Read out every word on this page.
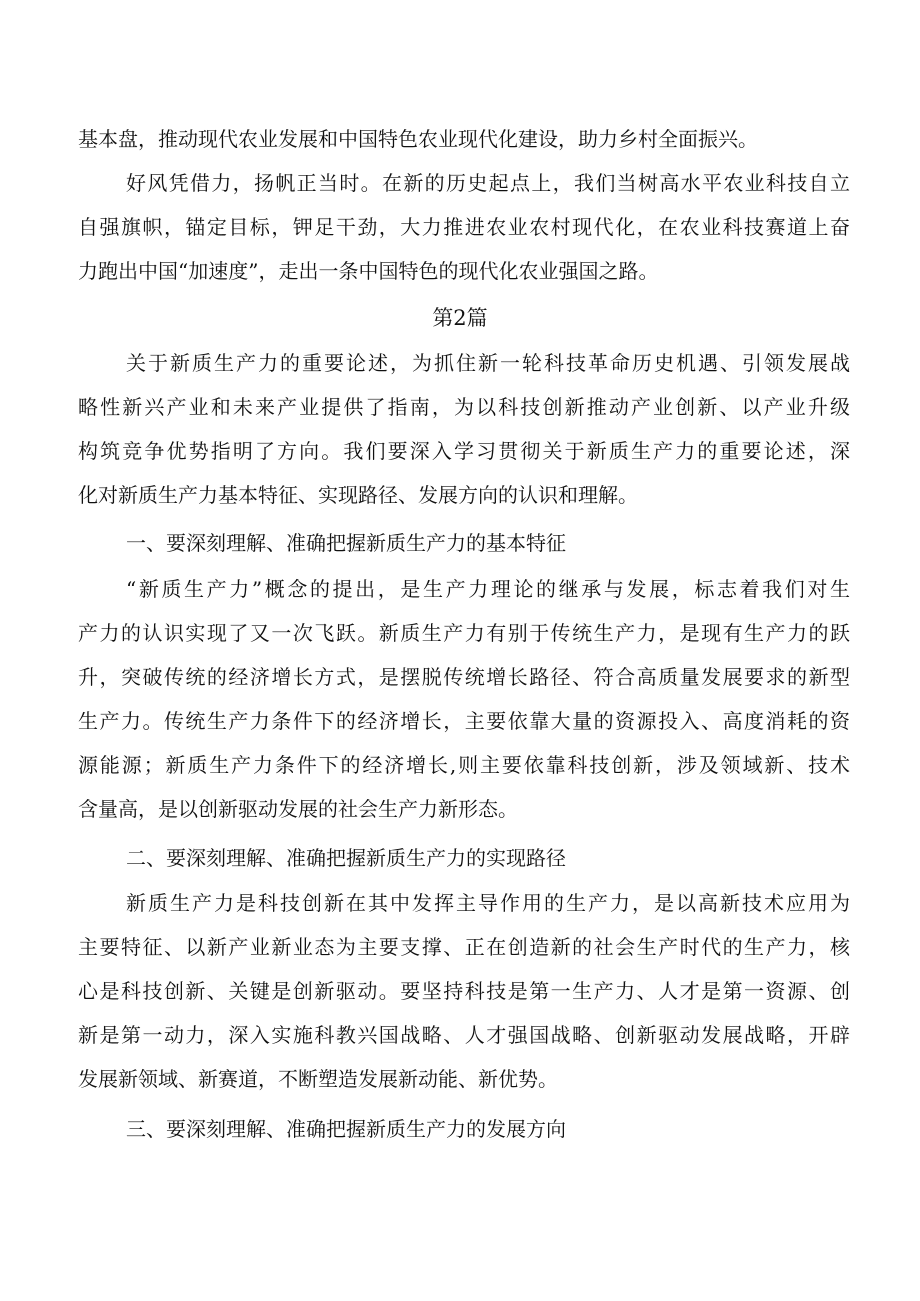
基本盘，推动现代农业发展和中国特色农业现代化建设，助力乡村全面振兴。
好风凭借力，扬帆正当时。在新的历史起点上，我们当树高水平农业科技自立
自强旗帜，锚定目标，钾足干劲，大力推进农业农村现代化，在农业科技赛道上奋
力跑出中国“加速度”，走出一条中国特色的现代化农业强国之路。
第2篇
关于新质生产力的重要论述，为抓住新一轮科技革命历史机遇、引领发展战
略性新兴产业和未来产业提供了指南，为以科技创新推动产业创新、以产业升级
构筑竞争优势指明了方向。我们要深入学习贯彻关于新质生产力的重要论述，深
化对新质生产力基本特征、实现路径、发展方向的认识和理解。
一、要深刻理解、准确把握新质生产力的基本特征
“新质生产力”概念的提出，是生产力理论的继承与发展，标志着我们对生
产力的认识实现了又一次飞跃。新质生产力有别于传统生产力，是现有生产力的跃
升，突破传统的经济增长方式，是摆脱传统增长路径、符合高质量发展要求的新型
生产力。传统生产力条件下的经济增长，主要依靠大量的资源投入、高度消耗的资
源能源；新质生产力条件下的经济增长,则主要依靠科技创新，涉及领域新、技术
含量高，是以创新驱动发展的社会生产力新形态。
二、要深刻理解、准确把握新质生产力的实现路径
新质生产力是科技创新在其中发挥主导作用的生产力，是以高新技术应用为
主要特征、以新产业新业态为主要支撑、正在创造新的社会生产时代的生产力，核
心是科技创新、关键是创新驱动。要坚持科技是第一生产力、人才是第一资源、创
新是第一动力，深入实施科教兴国战略、人才强国战略、创新驱动发展战略，开辟
发展新领域、新赛道，不断塑造发展新动能、新优势。
三、要深刻理解、准确把握新质生产力的发展方向
